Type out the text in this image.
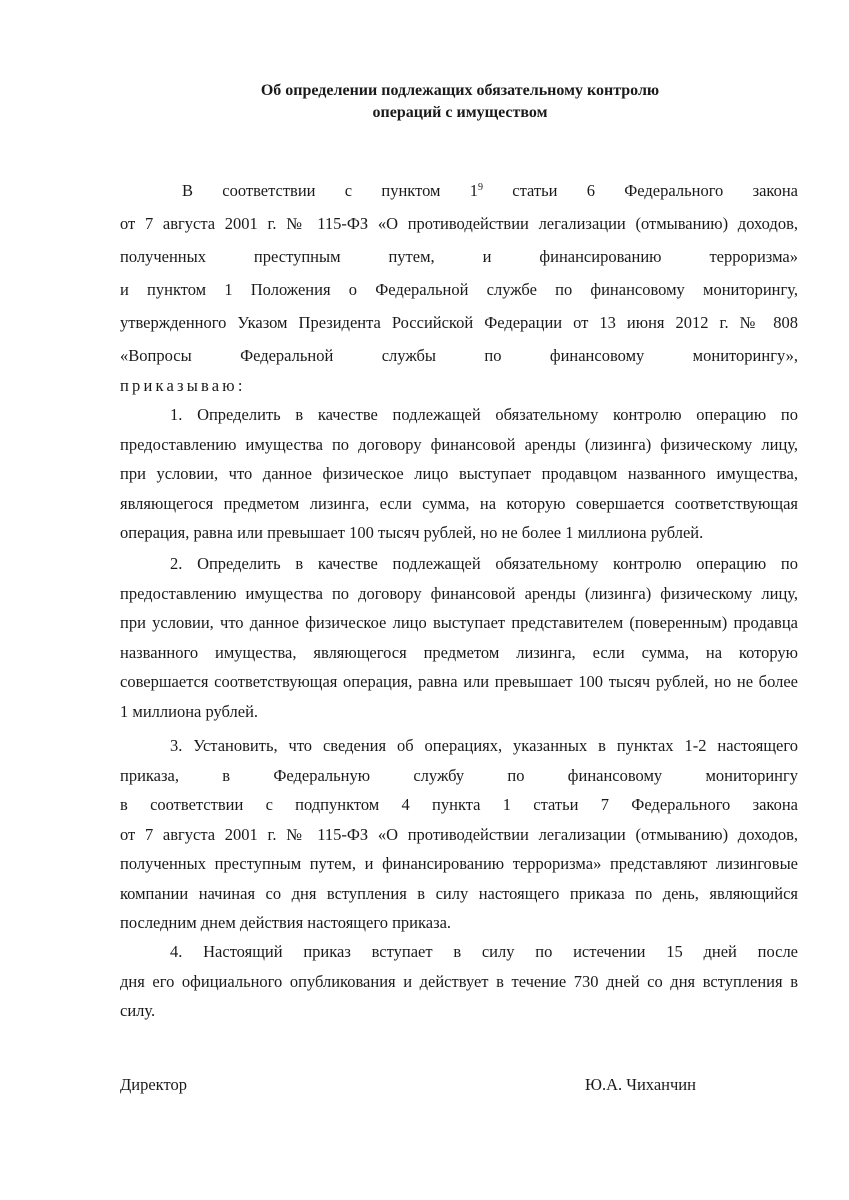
Об определении подлежащих обязательному контролю
операций с имуществом
В соответствии с пунктом $1^9$ статьи 6 Федерального закона
от 7 августа 2001 г. № 115-ФЗ «О противодействии легализации (отмыванию) доходов,
полученных преступным путем, и финансированию терроризма»
и пунктом 1 Положения о Федеральной службе по финансовому мониторингу,
утвержденного Указом Президента Российской Федерации от 13 июня 2012 г. № 808
«Вопросы Федеральной службы по финансовому мониторингу»,
приказываю:
1. Определить в качестве подлежащей обязательному контролю операцию по
предоставлению имущества по договору финансовой аренды (лизинга) физическому лицу,
при условии, что данное физическое лицо выступает продавцом названного имущества,
являющегося предметом лизинга, если сумма, на которую совершается соответствующая
операция, равна или превышает 100 тысяч рублей, но не более 1 миллиона рублей.
2. Определить в качестве подлежащей обязательному контролю операцию по
предоставлению имущества по договору финансовой аренды (лизинга) физическому лицу,
при условии, что данное физическое лицо выступает представителем (поверенным) продавца
названного имущества, являющегося предметом лизинга, если сумма, на которую
совершается соответствующая операция, равна или превышает 100 тысяч рублей, но не более
1 миллиона рублей.
3. Установить, что сведения об операциях, указанных в пунктах 1-2 настоящего
приказа, в Федеральную службу по финансовому мониторингу
в соответствии с подпунктом 4 пункта 1 статьи 7 Федерального закона
от 7 августа 2001 г. № 115-ФЗ «О противодействии легализации (отмыванию) доходов,
полученных преступным путем, и финансированию терроризма» представляют лизинговые
компании начиная со дня вступления в силу настоящего приказа по день, являющийся
последним днем действия настоящего приказа.
4. Настоящий приказ вступает в силу по истечении 15 дней после
дня его официального опубликования и действует в течение 730 дней со дня вступления в
силу.
Директор	Ю.А. Чиханчин
